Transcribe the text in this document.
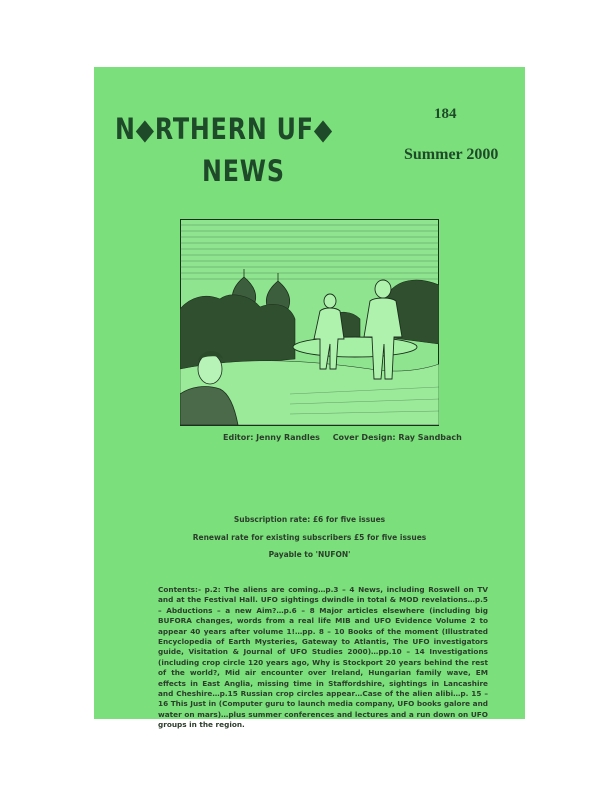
N◆RTHERN UF◆
NEWS
184
Summer 2000
Editor: Jenny Randles Cover Design: Ray Sandbach
Subscription rate: £6 for five issues
Renewal rate for existing subscribers £5 for five issues
Payable to 'NUFON'
Contents:- p.2: The aliens are coming…p.3 – 4 News, including Roswell on TV and at the Festival Hall. UFO sightings dwindle in total & MOD revelations…p.5 – Abductions – a new Aim?…p.6 – 8 Major articles elsewhere (including big BUFORA changes, words from a real life MIB and UFO Evidence Volume 2 to appear 40 years after volume 1!…pp. 8 – 10 Books of the moment (Illustrated Encyclopedia of Earth Mysteries, Gateway to Atlantis, The UFO investigators guide, Visitation & Journal of UFO Studies 2000)…pp.10 – 14 Investigations (including crop circle 120 years ago, Why is Stockport 20 years behind the rest of the world?, Mid air encounter over Ireland, Hungarian family wave, EM effects in East Anglia, missing time in Staffordshire, sightings in Lancashire and Cheshire…p.15 Russian crop circles appear…Case of the alien alibi…p. 15 – 16 This Just in (Computer guru to launch media company, UFO books galore and water on mars)…plus summer conferences and lectures and a run down on UFO groups in the region.
